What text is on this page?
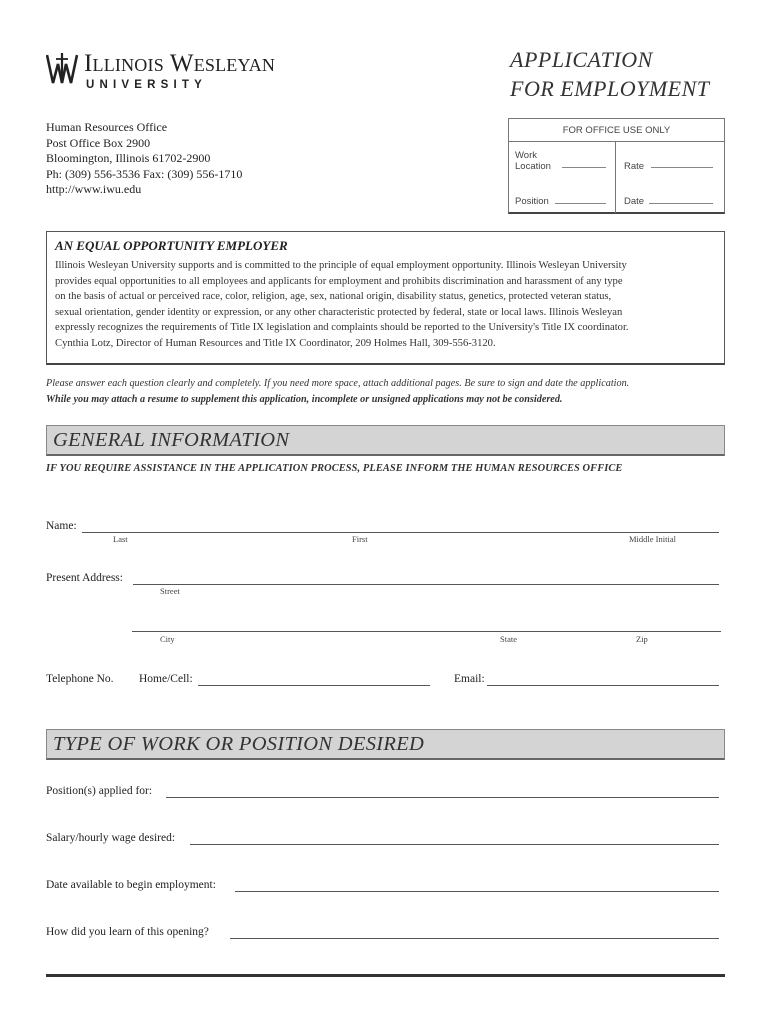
Illinois Wesleyan
UNIVERSITY
APPLICATION
FOR EMPLOYMENT
Human Resources Office
Post Office Box 2900
Bloomington, Illinois 61702-2900
Ph: (309) 556-3536 Fax: (309) 556-1710
http://www.iwu.edu
FOR OFFICE USE ONLY
Work
Location	Rate
Position	Date
AN EQUAL OPPORTUNITY EMPLOYER
Illinois Wesleyan University supports and is committed to the principle of equal employment opportunity. Illinois Wesleyan University
provides equal opportunities to all employees and applicants for employment and prohibits discrimination and harassment of any type
on the basis of actual or perceived race, color, religion, age, sex, national origin, disability status, genetics, protected veteran status,
sexual orientation, gender identity or expression, or any other characteristic protected by federal, state or local laws. Illinois Wesleyan
expressly recognizes the requirements of Title IX legislation and complaints should be reported to the University's Title IX coordinator.
Cynthia Lotz, Director of Human Resources and Title IX Coordinator, 209 Holmes Hall, 309-556-3120.
Please answer each question clearly and completely. If you need more space, attach additional pages. Be sure to sign and date the application.
While you may attach a resume to supplement this application, incomplete or unsigned applications may not be considered.
GENERAL INFORMATION
IF YOU REQUIRE ASSISTANCE IN THE APPLICATION PROCESS, PLEASE INFORM THE HUMAN RESOURCES OFFICE
Name:
Last	First	Middle Initial
Present Address:
Street
City	State	Zip
Telephone No. Home/Cell:	Email:
TYPE OF WORK OR POSITION DESIRED
Position(s) applied for:
Salary/hourly wage desired:
Date available to begin employment:
How did you learn of this opening?
